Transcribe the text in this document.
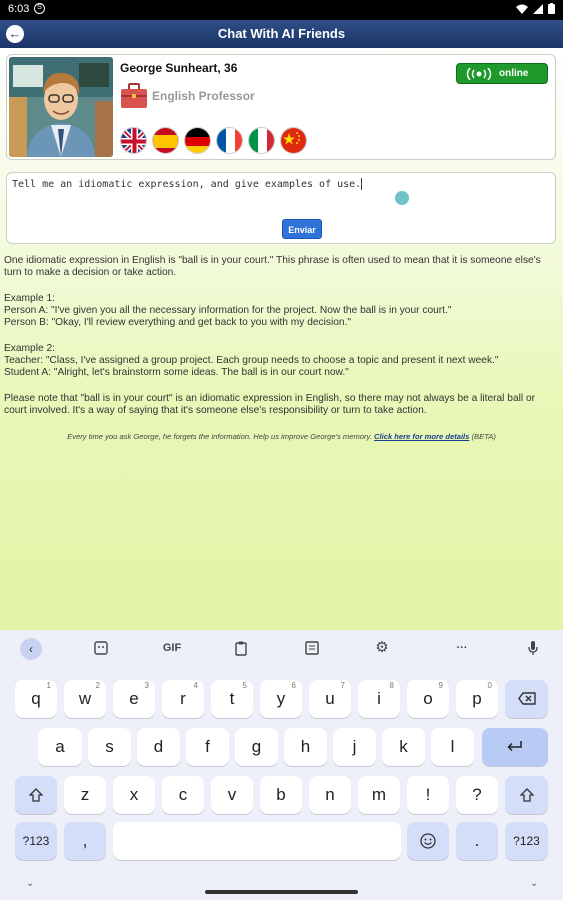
6:03	S
←	Chat With AI Friends
George Sunheart, 36
English Professor
online
Tell me an idiomatic expression, and give examples of use.
Enviar

One idiomatic expression in English is "ball is in your court." This phrase is often used to mean that it is someone else's turn to make a decision or take action.

Example 1:
Person A: "I've given you all the necessary information for the project. Now the ball is in your court."
Person B: "Okay, I'll review everything and get back to you with my decision."

Example 2:
Teacher: "Class, I've assigned a group project. Each group needs to choose a topic and present it next week."
Student A: "Alright, let's brainstorm some ideas. The ball is in our court now."

Please note that "ball is in your court" is an idiomatic expression in English, so there may not always be a literal ball or court involved. It's a way of saying that it's someone else's responsibility or turn to take action.

Every time you ask George, he forgets the information. Help us improve George's memory. Click here for more details (BETA)
‹	GIF	⚙	···
q
1
w
2
e
3
r
4
t
5
y
6
u
7
i
8
o
9
p
0
a	s	d	f	g	h	j	k	l
z	x	c	v	b	n	m	!	?
?123	,	.	?123
⌄	⌄
